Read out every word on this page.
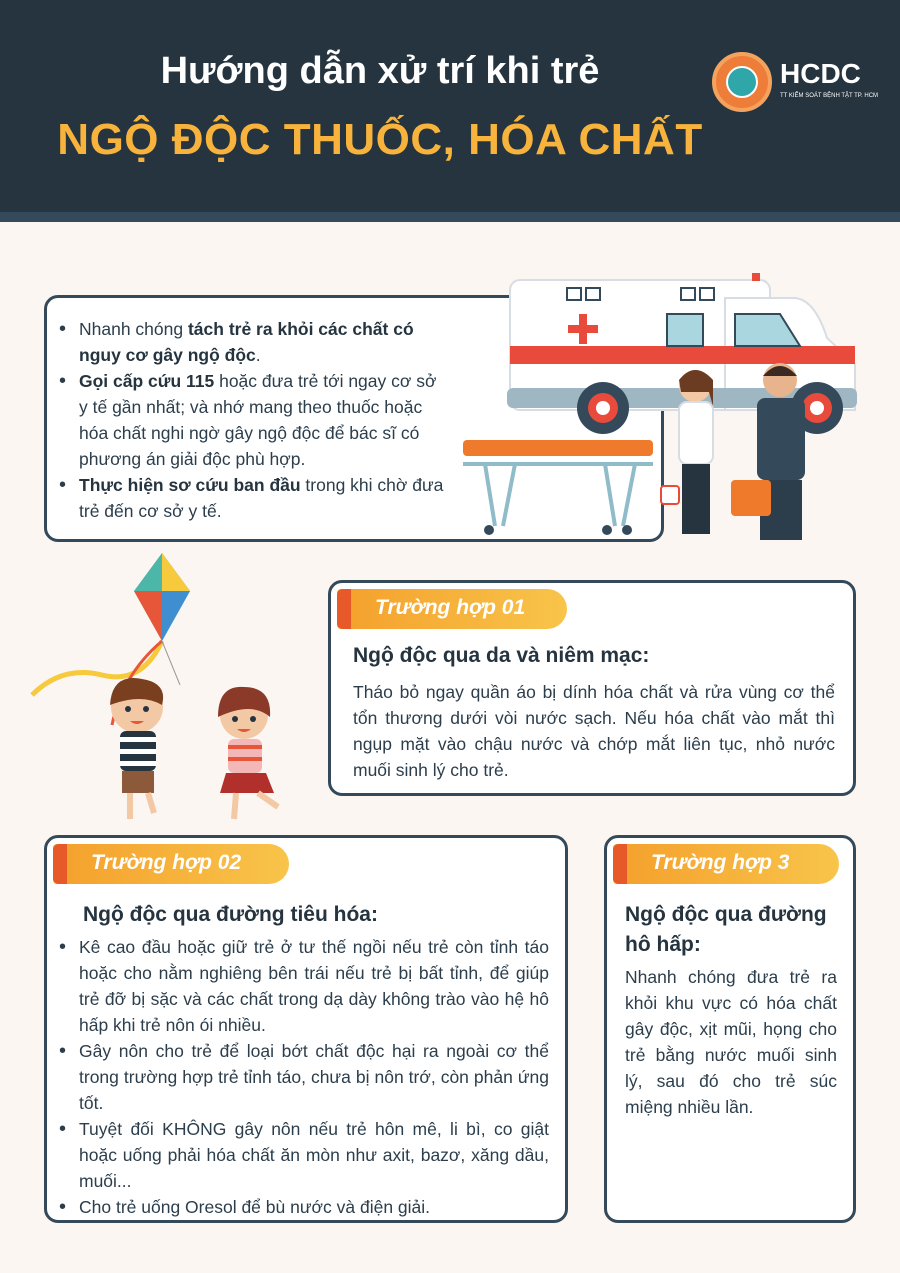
Hướng dẫn xử trí khi trẻ
NGỘ ĐỘC THUỐC, HÓA CHẤT
HCDC
TT KIỂM SOÁT BỆNH TẬT TP. HCM
• Nhanh chóng tách trẻ ra khỏi các chất có nguy cơ gây ngộ độc.
• Gọi cấp cứu 115 hoặc đưa trẻ tới ngay cơ sở y tế gần nhất; và nhớ mang theo thuốc hoặc hóa chất nghi ngờ gây ngộ độc để bác sĩ có phương án giải độc phù hợp.
• Thực hiện sơ cứu ban đầu trong khi chờ đưa trẻ đến cơ sở y tế.
Trường hợp 01
Ngộ độc qua da và niêm mạc:
Tháo bỏ ngay quần áo bị dính hóa chất và rửa vùng cơ thể tổn thương dưới vòi nước sạch. Nếu hóa chất vào mắt thì ngụp mặt vào chậu nước và chớp mắt liên tục, nhỏ nước muối sinh lý cho trẻ.
Trường hợp 02
Ngộ độc qua đường tiêu hóa:
• Kê cao đầu hoặc giữ trẻ ở tư thế ngồi nếu trẻ còn tỉnh táo hoặc cho nằm nghiêng bên trái nếu trẻ bị bất tỉnh, để giúp trẻ đỡ bị sặc và các chất trong dạ dày không trào vào hệ hô hấp khi trẻ nôn ói nhiều.
• Gây nôn cho trẻ để loại bớt chất độc hại ra ngoài cơ thể trong trường hợp trẻ tỉnh táo, chưa bị nôn trớ, còn phản ứng tốt.
• Tuyệt đối KHÔNG gây nôn nếu trẻ hôn mê, li bì, co giật hoặc uống phải hóa chất ăn mòn như axit, bazơ, xăng dầu, muối...
• Cho trẻ uống Oresol để bù nước và điện giải.
Trường hợp 3
Ngộ độc qua đường hô hấp:
Nhanh chóng đưa trẻ ra khỏi khu vực có hóa chất gây độc, xịt mũi, họng cho trẻ bằng nước muối sinh lý, sau đó cho trẻ súc miệng nhiều lần.
